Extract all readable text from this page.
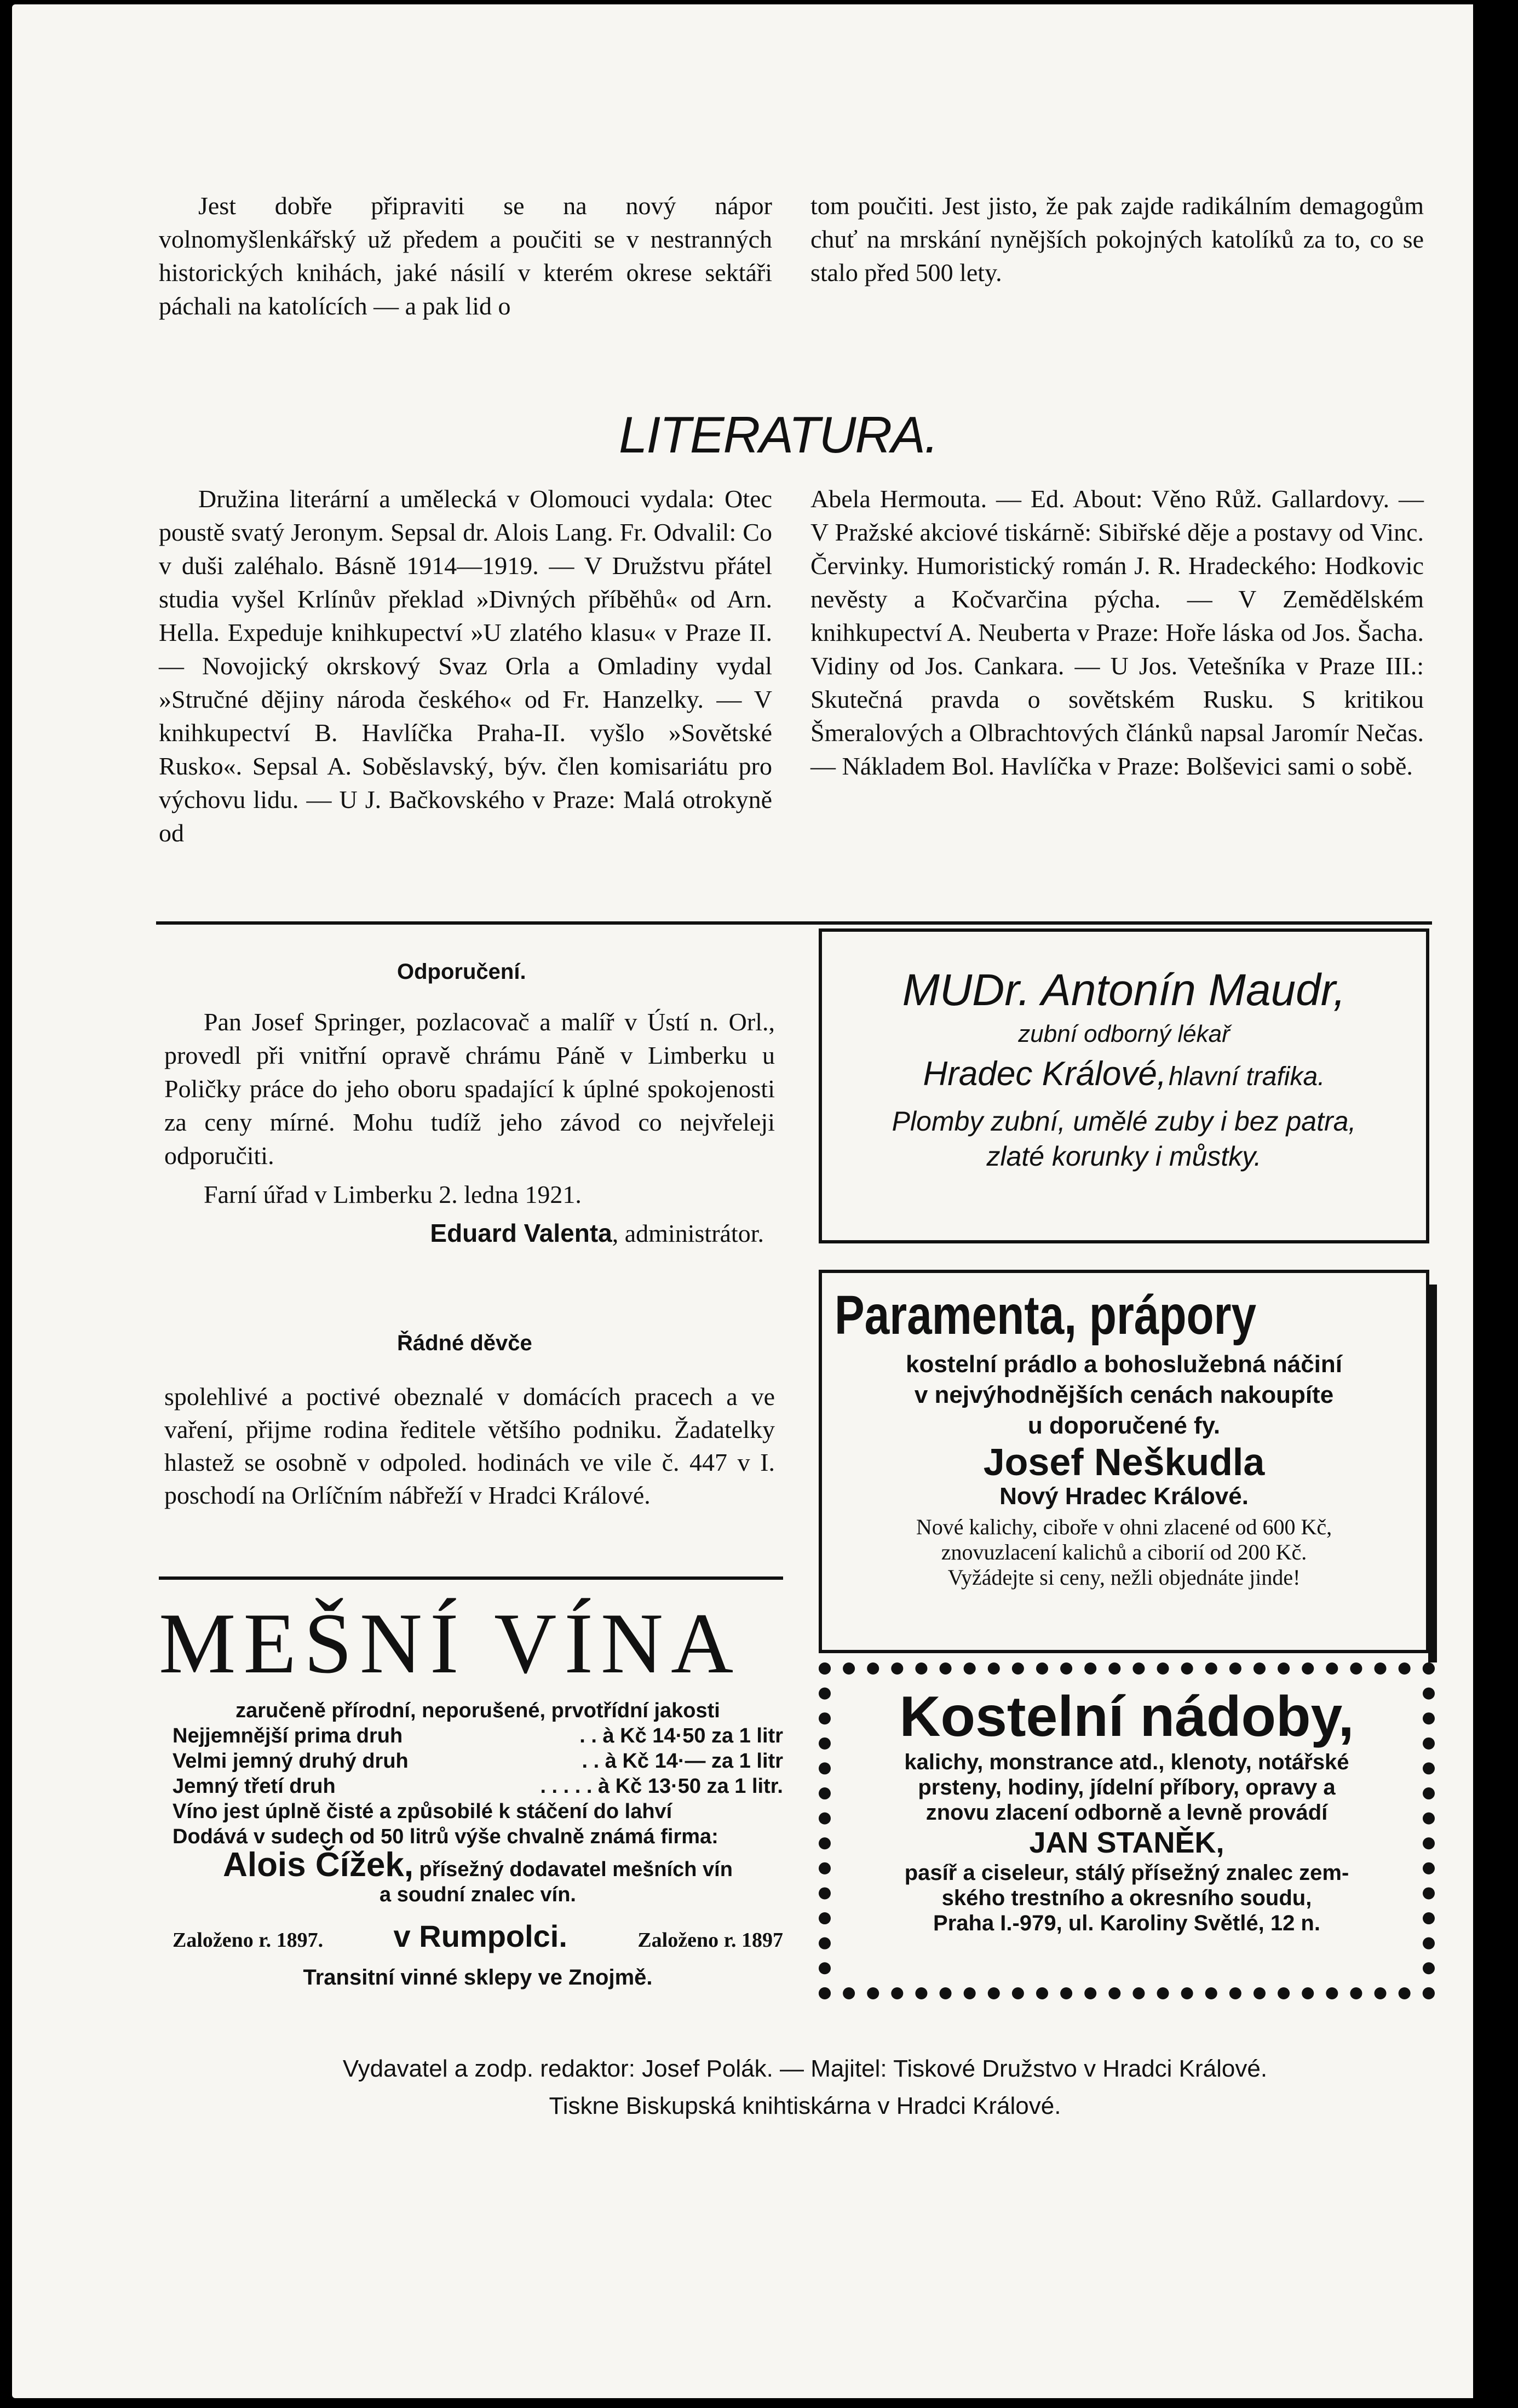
Jest dobře připraviti se na nový nápor volnomyšlenkářský už předem a poučiti se v nestranných historických knihách, jaké násilí v kterém okrese sektáři páchali na katolících — a pak lid o

tom poučiti. Jest jisto, že pak zajde radikálním demagogům chuť na mrskání nynějších pokojných katolíků za to, co se stalo před 500 lety.

LITERATURA.

Družina literární a umělecká v Olomouci vydala: Otec poustě svatý Jeronym. Sepsal dr. Alois Lang. Fr. Odvalil: Co v duši zaléhalo. Básně 1914—1919. — V Družstvu přátel studia vyšel Krlínův překlad »Divných příběhů« od Arn. Hella. Expeduje knihkupectví »U zlatého klasu« v Praze II. — Novojický okrskový Svaz Orla a Omladiny vydal »Stručné dějiny národa českého« od Fr. Hanzelky. — V knihkupectví B. Havlíčka Praha-II. vyšlo »Sovětské Rusko«. Sepsal A. Soběslavský, býv. člen komisariátu pro výchovu lidu. — U J. Bačkovského v Praze: Malá otrokyně od

Abela Hermouta. — Ed. About: Věno Růž. Gallardovy. — V Pražské akciové tiskárně: Sibiřské děje a postavy od Vinc. Červinky. Humoristický román J. R. Hradeckého: Hodkovic nevěsty a Kočvarčina pýcha. — V Zemědělském knihkupectví A. Neuberta v Praze: Hoře láska od Jos. Šacha. Vidiny od Jos. Cankara. — U Jos. Vetešníka v Praze III.: Skutečná pravda o sovětském Rusku. S kritikou Šmeralových a Olbrachtových článků napsal Jaromír Nečas. — Nákladem Bol. Havlíčka v Praze: Bolševici sami o sobě.

Odporučení.

Pan Josef Springer, pozlacovač a malíř v Ústí n. Orl., provedl při vnitřní opravě chrámu Páně v Limberku u Poličky práce do jeho oboru spadající k úplné spokojenosti za ceny mírné. Mohu tudíž jeho závod co nejvřeleji odporučiti.

Farní úřad v Limberku 2. ledna 1921.

Eduard Valenta, administrátor.

Řádné děvče

spolehlivé a poctivé obeznalé v domácích pracech a ve vaření, přijme rodina ředitele většího podniku. Žadatelky hlastež se osobně v odpoled. hodinách ve vile č. 447 v I. poschodí na Orlíčním nábřeží v Hradci Králové.

MUDr. Antonín Maudr,
zubní odborný lékař
Hradec Králové, hlavní trafika.
Plomby zubní, umělé zuby i bez patra,
zlaté korunky i můstky.
Paramenta, prápory
kostelní prádlo a bohoslužebná náčiní
v nejvýhodnějších cenách nakoupíte
u doporučené fy.
Josef Neškudla
Nový Hradec Králové.
Nové kalichy, ciboře v ohni zlacené od 600 Kč,
znovuzlacení kalichů a ciborií od 200 Kč.
Vyžádejte si ceny, nežli objednáte jinde!
MEŠNÍ VÍNA
zaručeně přírodní, neporušené, prvotřídní jakosti
Nejjemnější prima druh	. . à Kč 14·50 za 1 litr
Velmi jemný druhý druh	. . à Kč 14·— za 1 litr
Jemný třetí druh	. . . . . à Kč 13·50 za 1 litr.
Víno jest úplně čisté a způsobilé k stáčení do lahví
Dodává v sudech od 50 litrů výše chvalně známá firma:
Alois Čížek, přísežný dodavatel mešních vín
a soudní znalec vín.
Založeno r. 1897. v Rumpolci.	Založeno r. 1897
Transitní vinné sklepy ve Znojmě.
Kostelní nádoby,
kalichy, monstrance atd., klenoty, notářské
prsteny, hodiny, jídelní příbory, opravy a
znovu zlacení odborně a levně provádí
JAN STANĚK,
pasíř a ciseleur, stálý přísežný znalec zem-
ského trestního a okresního soudu,
Praha I.-979, ul. Karoliny Světlé, 12 n.
Vydavatel a zodp. redaktor: Josef Polák. — Majitel: Tiskové Družstvo v Hradci Králové.
Tiskne Biskupská knihtiskárna v Hradci Králové.
